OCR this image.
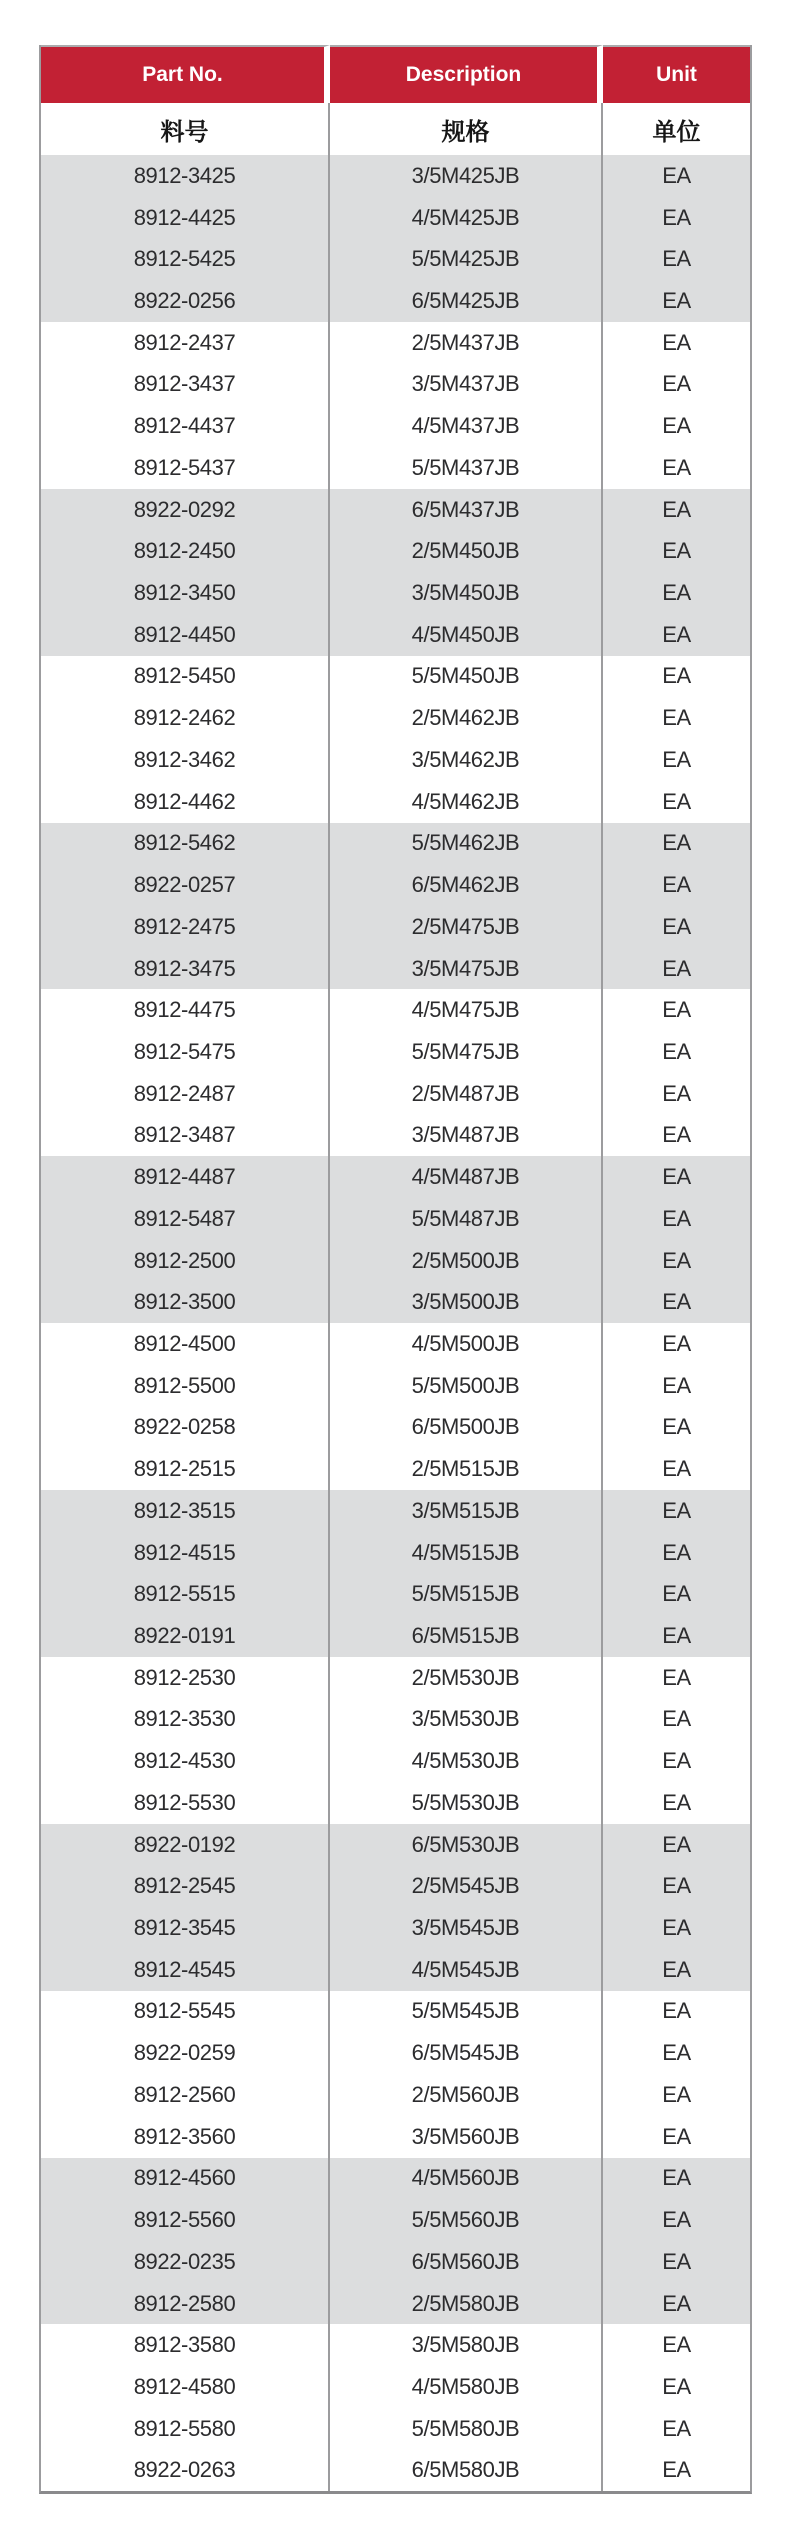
Part No.	Description	Unit
料号	规格	单位
8912-3425	3/5M425JB	EA
8912-4425	4/5M425JB	EA
8912-5425	5/5M425JB	EA
8922-0256	6/5M425JB	EA
8912-2437	2/5M437JB	EA
8912-3437	3/5M437JB	EA
8912-4437	4/5M437JB	EA
8912-5437	5/5M437JB	EA
8922-0292	6/5M437JB	EA
8912-2450	2/5M450JB	EA
8912-3450	3/5M450JB	EA
8912-4450	4/5M450JB	EA
8912-5450	5/5M450JB	EA
8912-2462	2/5M462JB	EA
8912-3462	3/5M462JB	EA
8912-4462	4/5M462JB	EA
8912-5462	5/5M462JB	EA
8922-0257	6/5M462JB	EA
8912-2475	2/5M475JB	EA
8912-3475	3/5M475JB	EA
8912-4475	4/5M475JB	EA
8912-5475	5/5M475JB	EA
8912-2487	2/5M487JB	EA
8912-3487	3/5M487JB	EA
8912-4487	4/5M487JB	EA
8912-5487	5/5M487JB	EA
8912-2500	2/5M500JB	EA
8912-3500	3/5M500JB	EA
8912-4500	4/5M500JB	EA
8912-5500	5/5M500JB	EA
8922-0258	6/5M500JB	EA
8912-2515	2/5M515JB	EA
8912-3515	3/5M515JB	EA
8912-4515	4/5M515JB	EA
8912-5515	5/5M515JB	EA
8922-0191	6/5M515JB	EA
8912-2530	2/5M530JB	EA
8912-3530	3/5M530JB	EA
8912-4530	4/5M530JB	EA
8912-5530	5/5M530JB	EA
8922-0192	6/5M530JB	EA
8912-2545	2/5M545JB	EA
8912-3545	3/5M545JB	EA
8912-4545	4/5M545JB	EA
8912-5545	5/5M545JB	EA
8922-0259	6/5M545JB	EA
8912-2560	2/5M560JB	EA
8912-3560	3/5M560JB	EA
8912-4560	4/5M560JB	EA
8912-5560	5/5M560JB	EA
8922-0235	6/5M560JB	EA
8912-2580	2/5M580JB	EA
8912-3580	3/5M580JB	EA
8912-4580	4/5M580JB	EA
8912-5580	5/5M580JB	EA
8922-0263	6/5M580JB	EA
